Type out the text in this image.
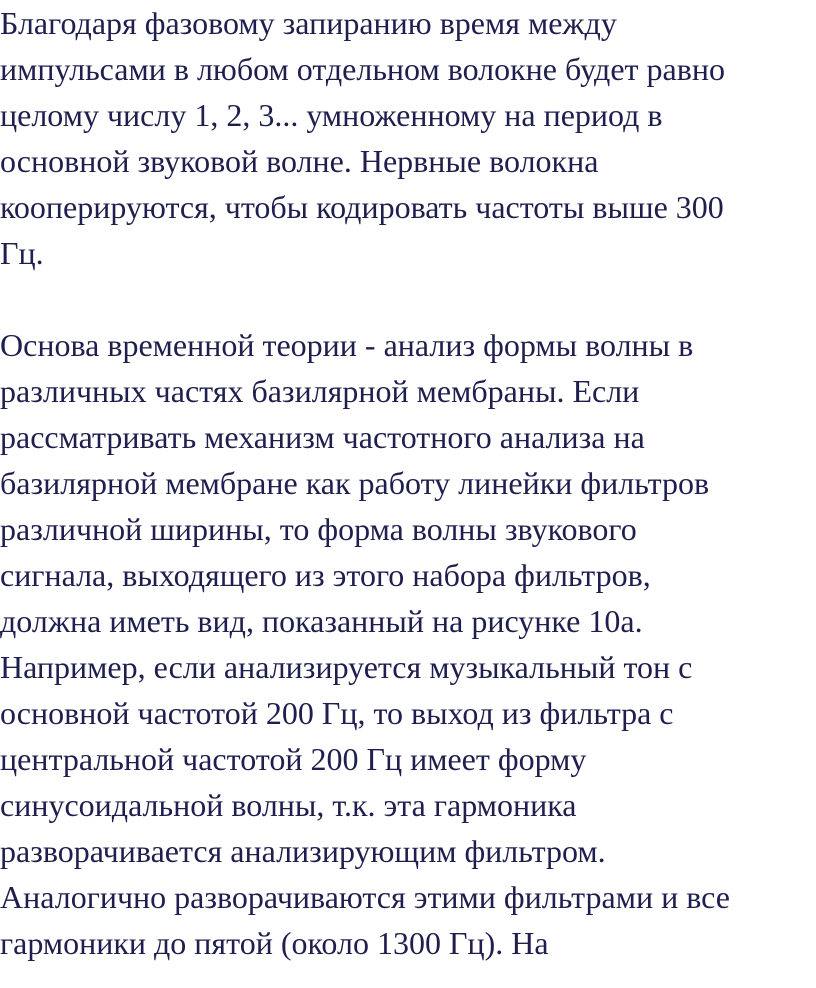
Благодаря фазовому запиранию время между

импульсами в любом отдельном волокне будет равно

целому числу 1, 2, 3... умноженному на период в

основной звуковой волне. Нервные волокна

кооперируются, чтобы кодировать частоты выше 300

Гц.

Основа временной теории - анализ формы волны в

различных частях базилярной мембраны. Если

рассматривать механизм частотного анализа на

базилярной мембране как работу линейки фильтров

различной ширины, то форма волны звукового

сигнала, выходящего из этого набора фильтров,

должна иметь вид, показанный на рисунке 10а.

Например, если анализируется музыкальный тон с

основной частотой 200 Гц, то выход из фильтра с

центральной частотой 200 Гц имеет форму

синусоидальной волны, т.к. эта гармоника

разворачивается анализирующим фильтром.

Аналогично разворачиваются этими фильтрами и все

гармоники до пятой (около 1300 Гц). На
